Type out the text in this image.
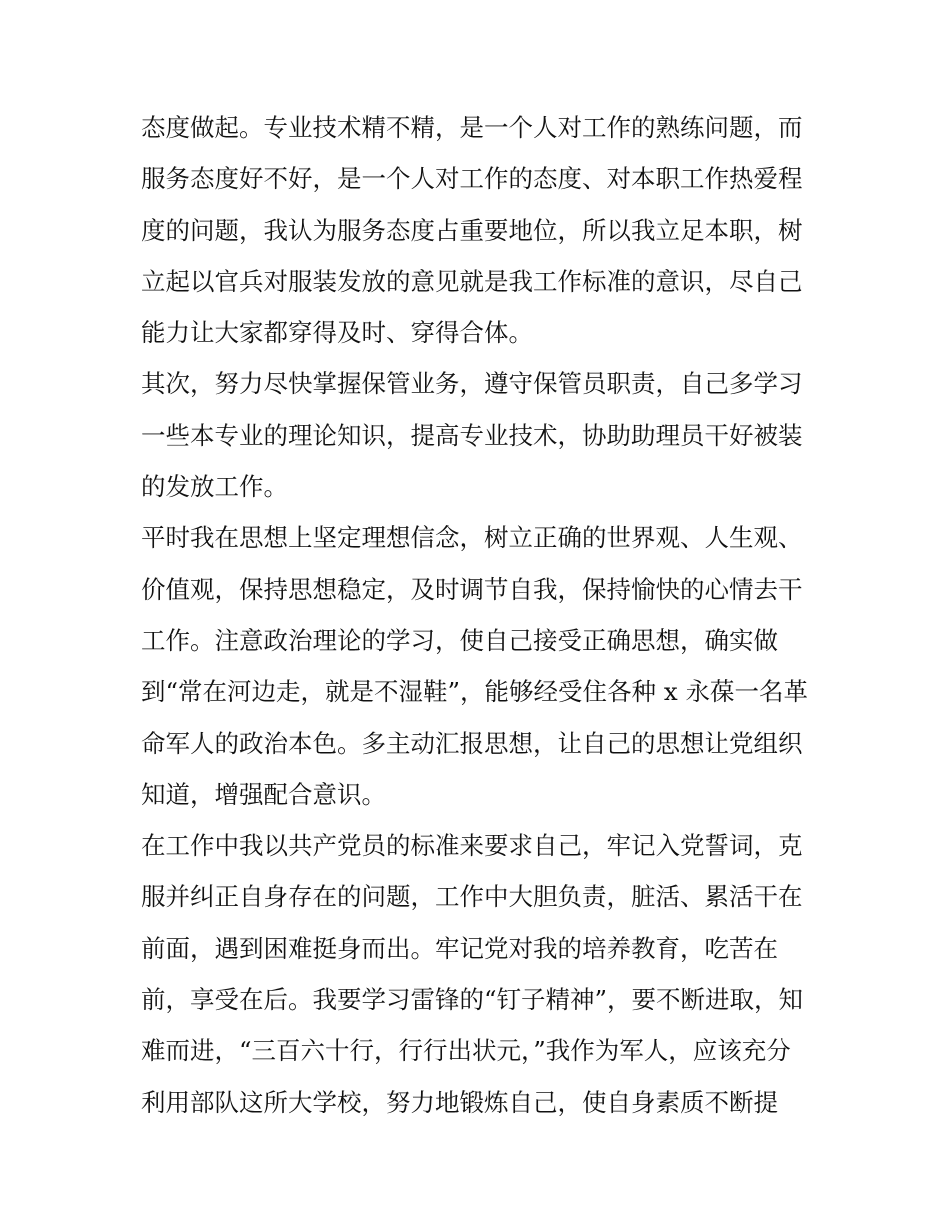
态度做起。专业技术精不精，是一个人对工作的熟练问题，而
服务态度好不好，是一个人对工作的态度、对本职工作热爱程
度的问题，我认为服务态度占重要地位，所以我立足本职，树
立起以官兵对服装发放的意见就是我工作标准的意识，尽自己
能力让大家都穿得及时、穿得合体。
其次，努力尽快掌握保管业务，遵守保管员职责，自己多学习
一些本专业的理论知识，提高专业技术，协助助理员干好被装
的发放工作。
平时我在思想上坚定理想信念，树立正确的世界观、人生观、
价值观，保持思想稳定，及时调节自我，保持愉快的心情去干
工作。注意政治理论的学习，使自己接受正确思想，确实做
到“常在河边走，就是不湿鞋”，能够经受住各种 x 永葆一名革
命军人的政治本色。多主动汇报思想，让自己的思想让党组织
知道，增强配合意识。
在工作中我以共产党员的标准来要求自己，牢记入党誓词，克
服并纠正自身存在的问题，工作中大胆负责，脏活、累活干在
前面，遇到困难挺身而出。牢记党对我的培养教育，吃苦在
前，享受在后。我要学习雷锋的“钉子精神”，要不断进取，知
难而进，“三百六十行，行行出状元，”我作为军人，应该充分
利用部队这所大学校，努力地锻炼自己，使自身素质不断提
